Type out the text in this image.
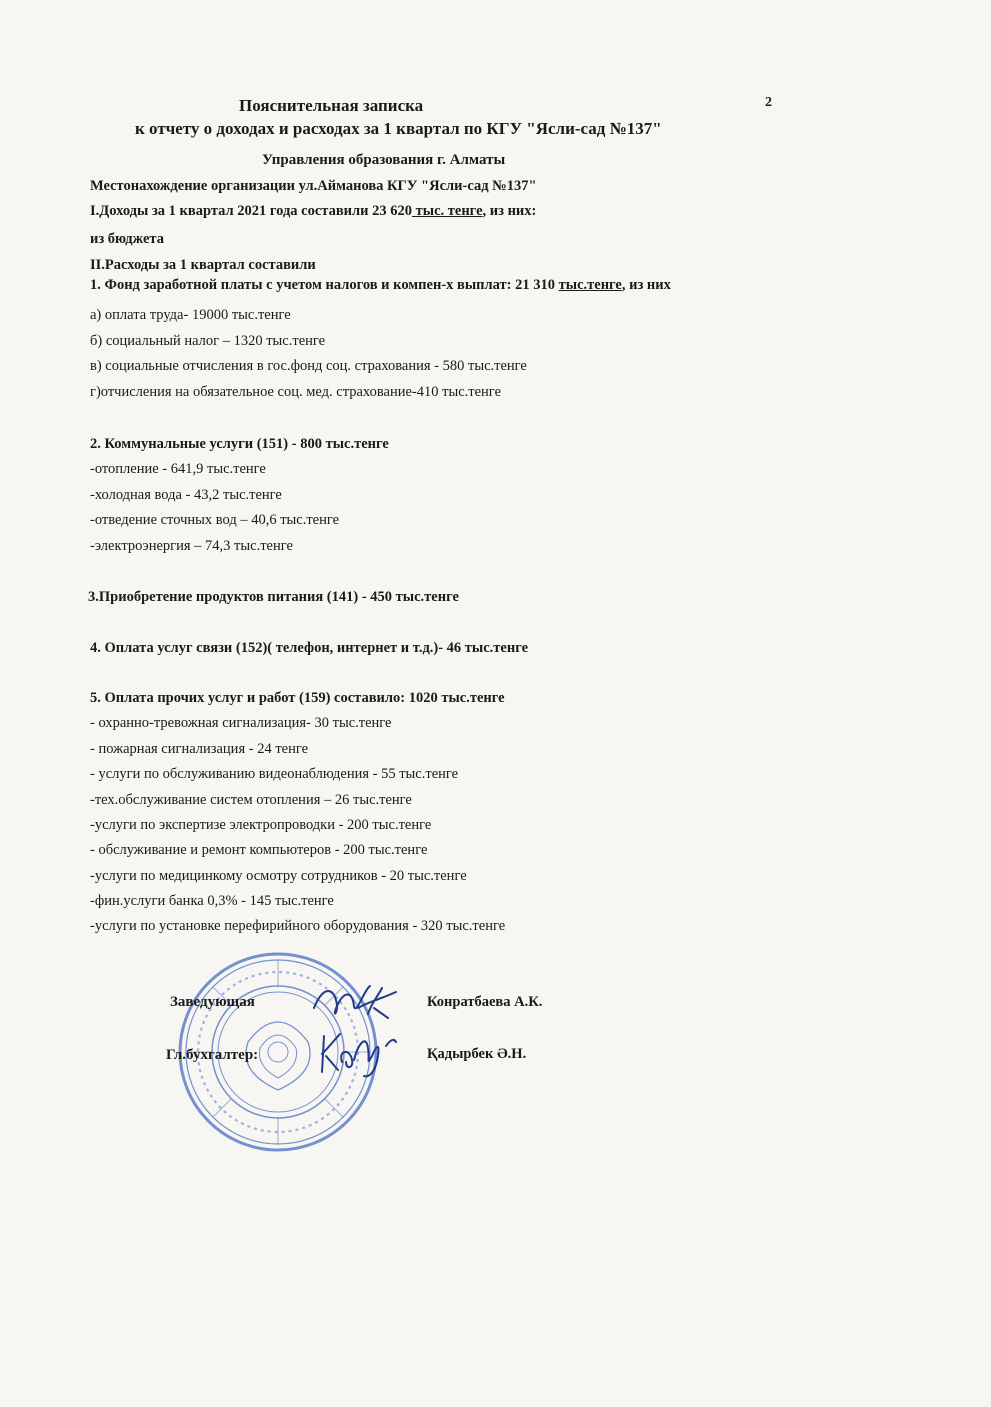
2
Пояснительная записка
к отчету о доходах и расходах за 1 квартал по КГУ "Ясли-сад №137"
Управления образования г. Алматы
Местонахождение организации ул.Айманова КГУ "Ясли-сад №137"
I.Доходы за 1 квартал 2021 года составили 23 620 тыс. тенге, из них:
из бюджета
II.Расходы за 1 квартал составили
1. Фонд заработной платы с учетом налогов и компен-х выплат: 21 310 тыс.тенге, из них
а) оплата труда- 19000 тыс.тенге
б) социальный налог – 1320 тыс.тенге
в) социальные отчисления в гос.фонд соц. страхования - 580 тыс.тенге
г)отчисления на обязательное соц. мед. страхование-410 тыс.тенге
2. Коммунальные услуги (151) - 800 тыс.тенге
-отопление - 641,9 тыс.тенге
-холодная вода - 43,2 тыс.тенге
-отведение сточных вод – 40,6 тыс.тенге
-электроэнергия – 74,3 тыс.тенге
3.Приобретение продуктов питания (141) - 450 тыс.тенге
4. Оплата услуг связи (152)( телефон, интернет и т.д.)- 46 тыс.тенге
5. Оплата прочих услуг и работ (159) составило: 1020 тыс.тенге
- охранно-тревожная сигнализация- 30 тыс.тенге
- пожарная сигнализация - 24 тенге
- услуги по обслуживанию видеонаблюдения - 55 тыс.тенге
-тех.обслуживание систем отопления – 26 тыс.тенге
-услуги по экспертизе электропроводки - 200 тыс.тенге
- обслуживание и ремонт компьютеров - 200 тыс.тенге
-услуги по медицинкому осмотру сотрудников - 20 тыс.тенге
-фин.услуги банка 0,3% - 145 тыс.тенге
-услуги по установке перефирийного оборудования - 320 тыс.тенге
Заведующая
Гл.бухгалтер:
Конратбаева А.К.
Қадырбек Ә.Н.
